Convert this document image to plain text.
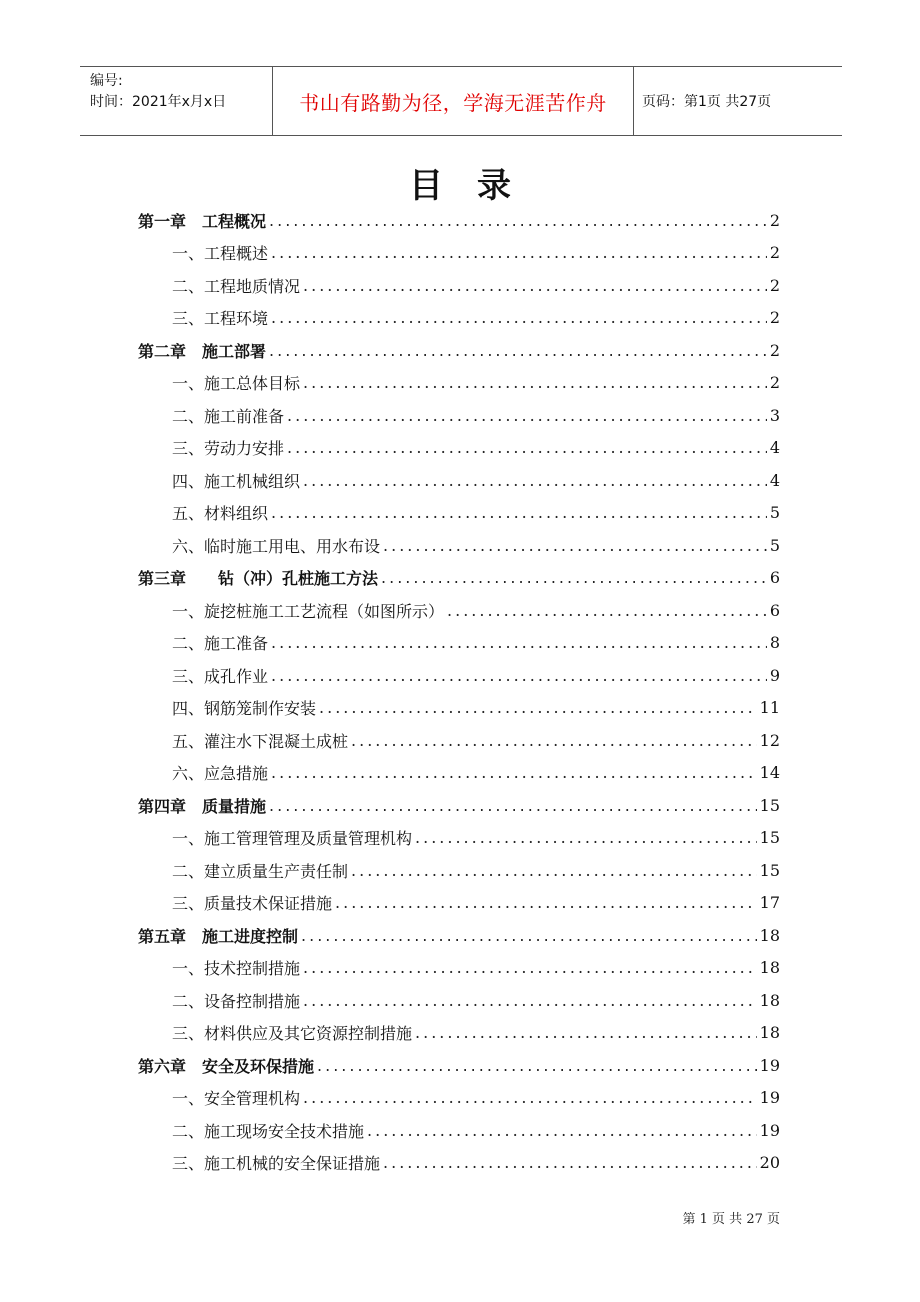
编号:
时间：2021年x月x日	书山有路勤为径，学海无涯苦作舟	页码：第1页 共27页
目录
第一章　工程概况 .....	2
一、工程概述 .....	2
二、工程地质情况 .....	2
三、工程环境 .....	2
第二章　施工部署 .....	2
一、施工总体目标 .....	2
二、施工前准备 .....	3
三、劳动力安排 .....	4
四、施工机械组织 .....	4
五、材料组织 .....	5
六、临时施工用电、用水布设 .....	5
第三章　　钻（冲）孔桩施工方法 .....	6
一、旋挖桩施工工艺流程（如图所示） .....	6
二、施工准备 .....	8
三、成孔作业 .....	9
四、钢筋笼制作安装 .....	11
五、灌注水下混凝土成桩 .....	12
六、应急措施 .....	14
第四章　质量措施 .....	15
一、施工管理管理及质量管理机构 .....	15
二、建立质量生产责任制 .....	15
三、质量技术保证措施 .....	17
第五章　施工进度控制 .....	18
一、技术控制措施 .....	18
二、设备控制措施 .....	18
三、材料供应及其它资源控制措施 .....	18
第六章　安全及环保措施 .....	19
一、安全管理机构 .....	19
二、施工现场安全技术措施 .....	19
三、施工机械的安全保证措施 .....	20
第 1 页 共 27 页
